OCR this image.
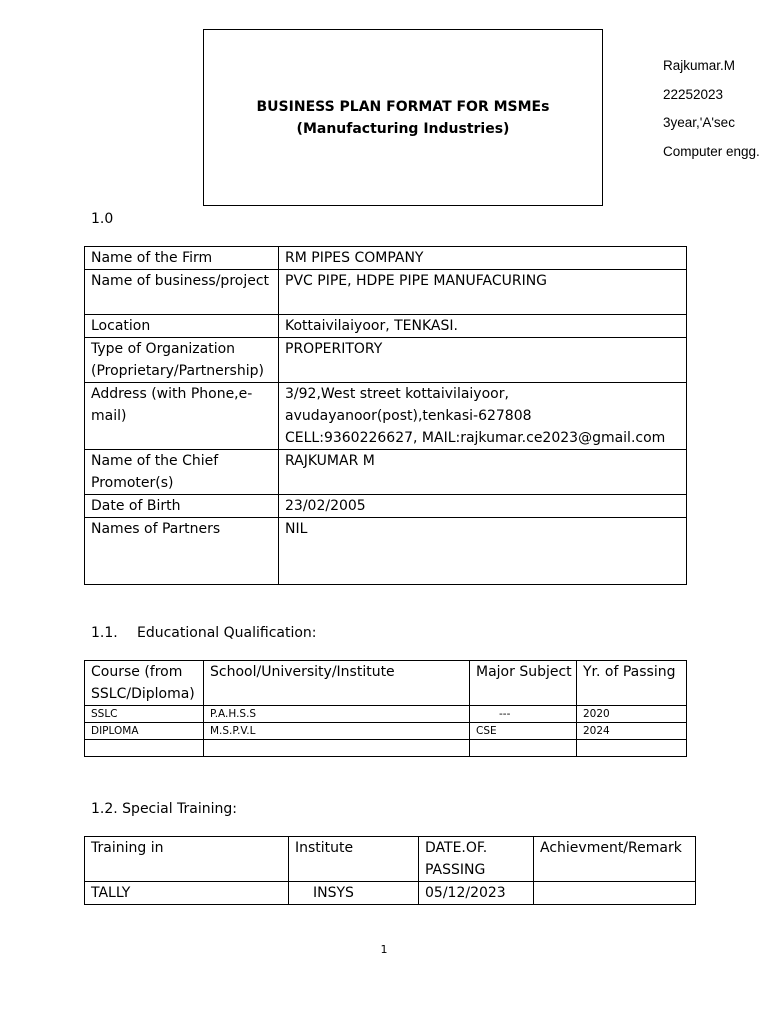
BUSINESS PLAN FORMAT FOR MSMEs
(Manufacturing Industries)
Rajkumar.M
22252023
3year,'A'sec
Computer engg.
1.0
Name of the Firm	RM PIPES COMPANY
Name of business/project	PVC PIPE, HDPE PIPE MANUFACURING
Location	Kottaivilaiyoor, TENKASI.
Type of Organization (Proprietary/Partnership)	PROPERITORY
Address (with Phone,e-mail)	3/92,West street kottaivilaiyoor,
avudayanoor(post),tenkasi-627808
CELL:9360226627, MAIL:rajkumar.ce2023@gmail.com

Name of the Chief Promoter(s)	RAJKUMAR M
Date of Birth	23/02/2005
Names of Partners	NIL
1.1. Educational Qualification:
Course (from SSLC/Diploma)	School/University/Institute	Major Subject	Yr. of Passing
SSLC	P.A.H.S.S	---	2020
DIPLOMA	M.S.P.V.L	CSE	2024

1.2. Special Training:
Training in	Institute	DATE.OF. PASSING	Achievment/Remark
TALLY	INSYS	05/12/2023	
1
